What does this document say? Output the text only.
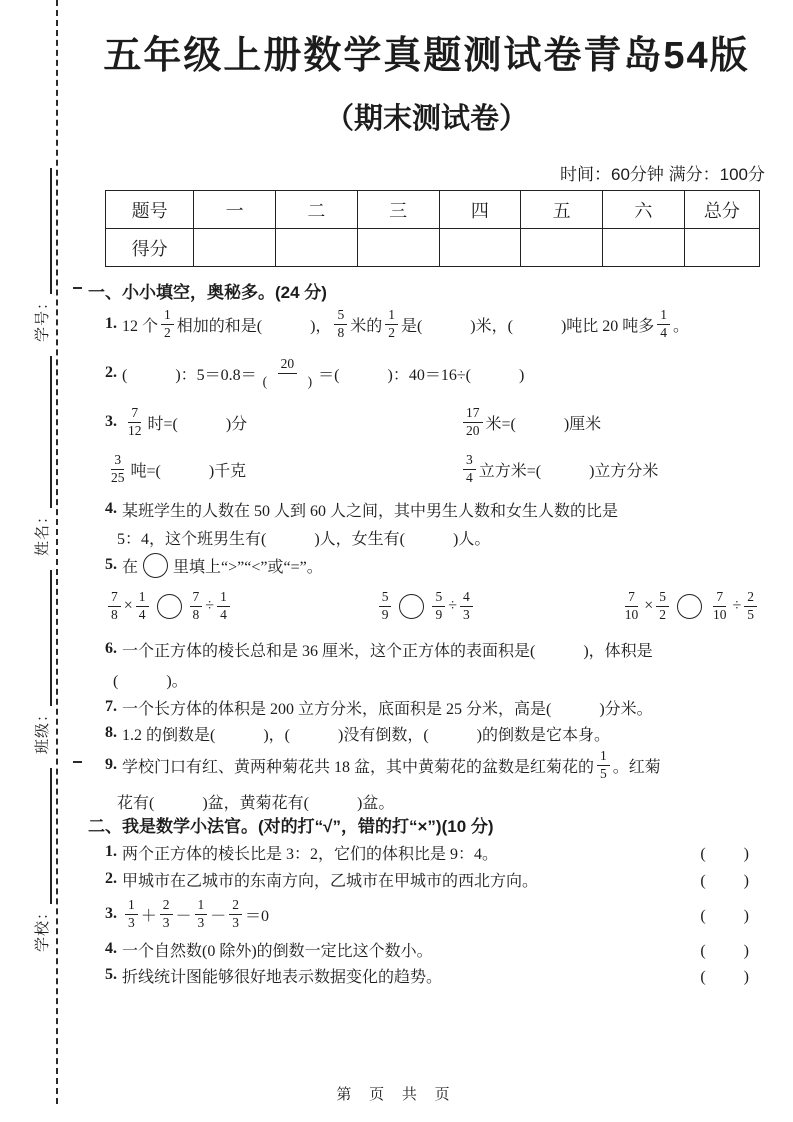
学校：
班级：
姓名：
学号：
五年级上册数学真题测试卷青岛54版
（期末测试卷）
时间：60分钟 满分：100分
题号	一	二	三	四	五	六	总分
得分							
一、小小填空，奥秘多。(24 分)
1. 12 个 $\frac{1}{2}$ 相加的和是(　　　)， $\frac{5}{8}$ 米的 $\frac{1}{2}$ 是(　　　)米，(　　　)吨比 20 吨多 $\frac{1}{4}$ 。
2. (　　　)：$5=0.8= \frac{20}{( )}$ ＝(　　　)：40＝16÷(　　　)
3. $\frac{7}{12}$ 时=(　　　)分	$\frac{17}{20}$ 米=(　　　)厘米
$\frac{3}{25}$ 吨=(　　　)千克	$\frac{3}{4}$ 立方米=(　　　)立方分米
4. 某班学生的人数在 50 人到 60 人之间，其中男生人数和女生人数的比是
5：4，这个班男生有(　　　)人，女生有(　　　)人。
5. 在 里填上“>”“<”或“=”。
$\frac{7}{8} \times \frac{1}{4}$	$\frac{7}{8} \div \frac{1}{4}$	$\frac{5}{9}$	$\frac{5}{9} \div \frac{4}{3}$	$\frac{7}{10} \times \frac{5}{2}$	$\frac{7}{10} \div \frac{2}{5}$
6. 一个正方体的棱长总和是 36 厘米，这个正方体的表面积是(　　　)，体积是
(　　　)。
7. 一个长方体的体积是 200 立方分米，底面积是 25 分米，高是(　　　)分米。
8. 1.2 的倒数是(　　　)，(　　　)没有倒数，(　　　)的倒数是它本身。
9. 学校门口有红、黄两种菊花共 18 盆，其中黄菊花的盆数是红菊花的 $\frac{1}{5}$ 。红菊
花有(　　　)盆，黄菊花有(　　　)盆。
二、我是数学小法官。(对的打“√”，错的打“×”)(10 分)
1. 两个正方体的棱长比是 3：2，它们的体积比是 9：4。	(　　)
2. 甲城市在乙城市的东南方向，乙城市在甲城市的西北方向。	(　　)
3. $\frac{1}{3} + \frac{2}{3} - \frac{1}{3} - \frac{2}{3} =0$	(　　)
4. 一个自然数(0 除外)的倒数一定比这个数小。	(　　)
5. 折线统计图能够很好地表示数据变化的趋势。	(　　)
第 页 共 页
